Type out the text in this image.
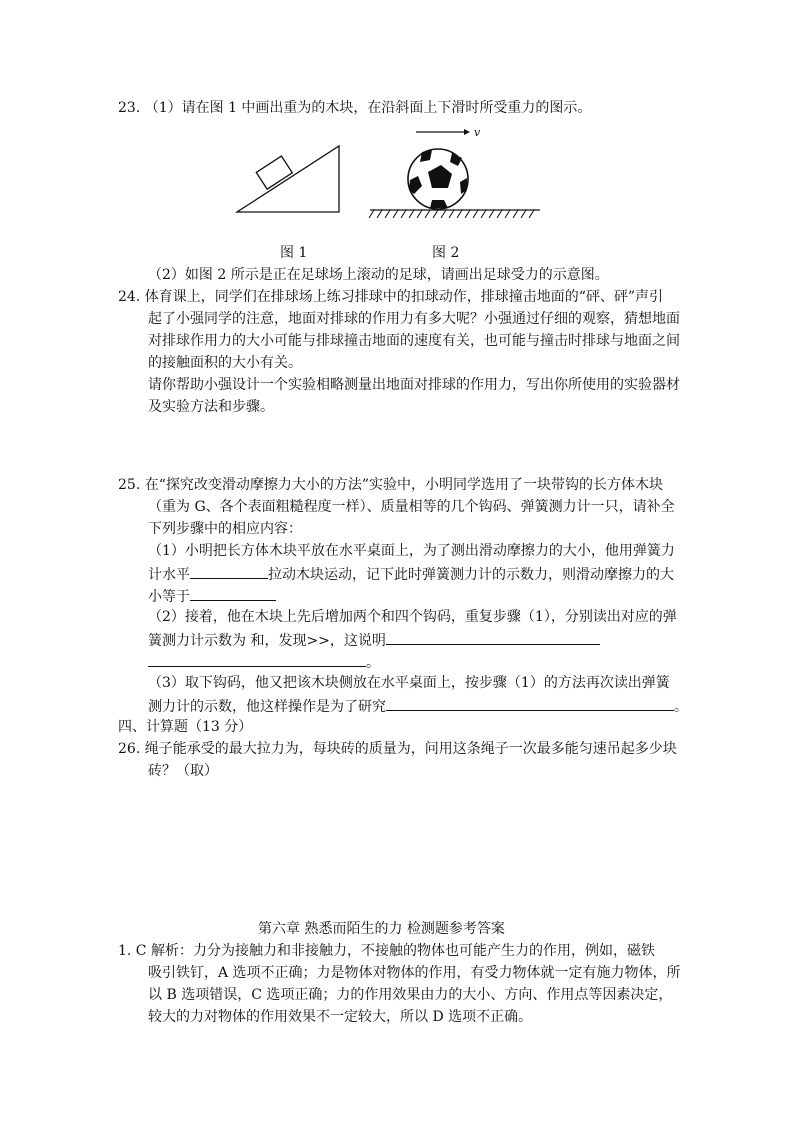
23. （1）请在图 1 中画出重为的木块，在沿斜面上下滑时所受重力的图示。
v
图 1	图 2
（2）如图 2 所示是正在足球场上滚动的足球，请画出足球受力的示意图。
24. 体育课上，同学们在排球场上练习排球中的扣球动作，排球撞击地面的“砰、砰”声引
起了小强同学的注意，地面对排球的作用力有多大呢？小强通过仔细的观察，猜想地面
对排球作用力的大小可能与排球撞击地面的速度有关，也可能与撞击时排球与地面之间
的接触面积的大小有关。
请你帮助小强设计一个实验相略测量出地面对排球的作用力，写出你所使用的实验器材
及实验方法和步骤。
25. 在“探究改变滑动摩擦力大小的方法”实验中，小明同学选用了一块带钩的长方体木块
（重为 G、各个表面粗糙程度一样）、质量相等的几个钩码、弹簧测力计一只，请补全
下列步骤中的相应内容：
（1）小明把长方体木块平放在水平桌面上，为了测出滑动摩擦力的大小，他用弹簧力
计水平	拉动木块运动，记下此时弹簧测力计的示数力，则滑动摩擦力的大
小等于
（2）接着，他在木块上先后增加两个和四个钩码，重复步骤（1），分别读出对应的弹
簧测力计示数为 和，发现>>，这说明
。
（3）取下钩码，他又把该木块侧放在水平桌面上，按步骤（1）的方法再次读出弹簧
测力计的示数，他这样操作是为了研究	。
四、计算题（13 分）
26. 绳子能承受的最大拉力为，每块砖的质量为，问用这条绳子一次最多能匀速吊起多少块
砖？（取）
第六章 熟悉而陌生的力 检测题参考答案
1. C 解析：力分为接触力和非接触力，不接触的物体也可能产生力的作用，例如，磁铁
吸引铁钉，A 选项不正确；力是物体对物体的作用，有受力物体就一定有施力物体，所
以 B 选项错误，C 选项正确；力的作用效果由力的大小、方向、作用点等因素决定，
较大的力对物体的作用效果不一定较大，所以 D 选项不正确。
